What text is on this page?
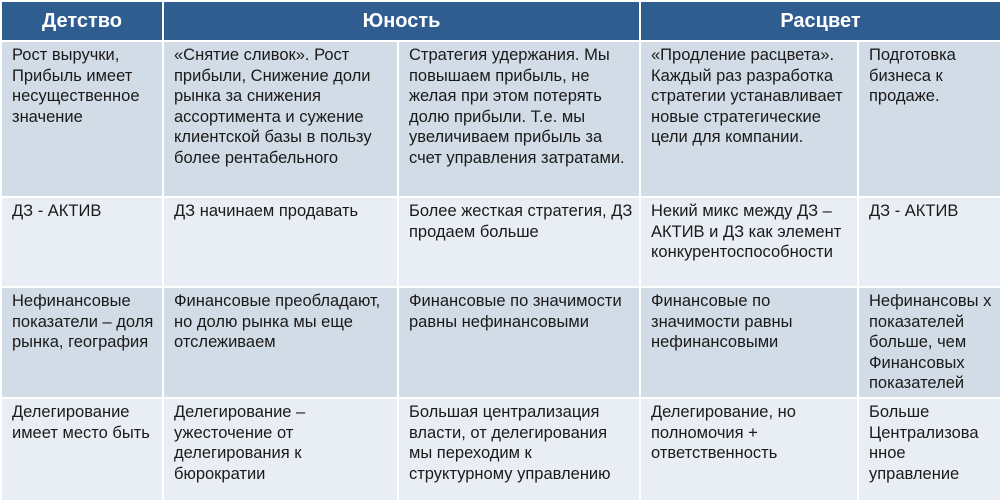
Детство	Юность		Расцвет	
Рост выручки, Прибыль имеет несущественное значение	«Снятие сливок». Рост прибыли, Снижение доли рынка за снижения ассортимента и сужение клиентской базы в пользу более рентабельного	Стратегия удержания. Мы повышаем прибыль, не желая при этом потерять долю прибыли. Т.е. мы увеличиваем прибыль за счет управления затратами.	«Продление расцвета». Каждый раз разработка стратегии устанавливает новые стратегические цели для компании.	Подготовка бизнеса к продаже.
ДЗ - АКТИВ	ДЗ начинаем продавать	Более жесткая стратегия, ДЗ продаем больше	Некий микс между ДЗ – АКТИВ и ДЗ как элемент конкурентоспособности	ДЗ - АКТИВ
Нефинансовые показатели – доля рынка, география	Финансовые преобладают, но долю рынка мы еще отслеживаем	Финансовые по значимости равны нефинансовыми	Финансовые по значимости равны нефинансовыми	Нефинансовы х показателей больше, чем Финансовых показателей
Делегирование имеет место быть	Делегирование – ужесточение от делегирования к бюрократии	Большая централизация власти, от делегирования мы переходим к структурному управлению	Делегирование, но полномочия + ответственность	Больше Централизова нное управление
